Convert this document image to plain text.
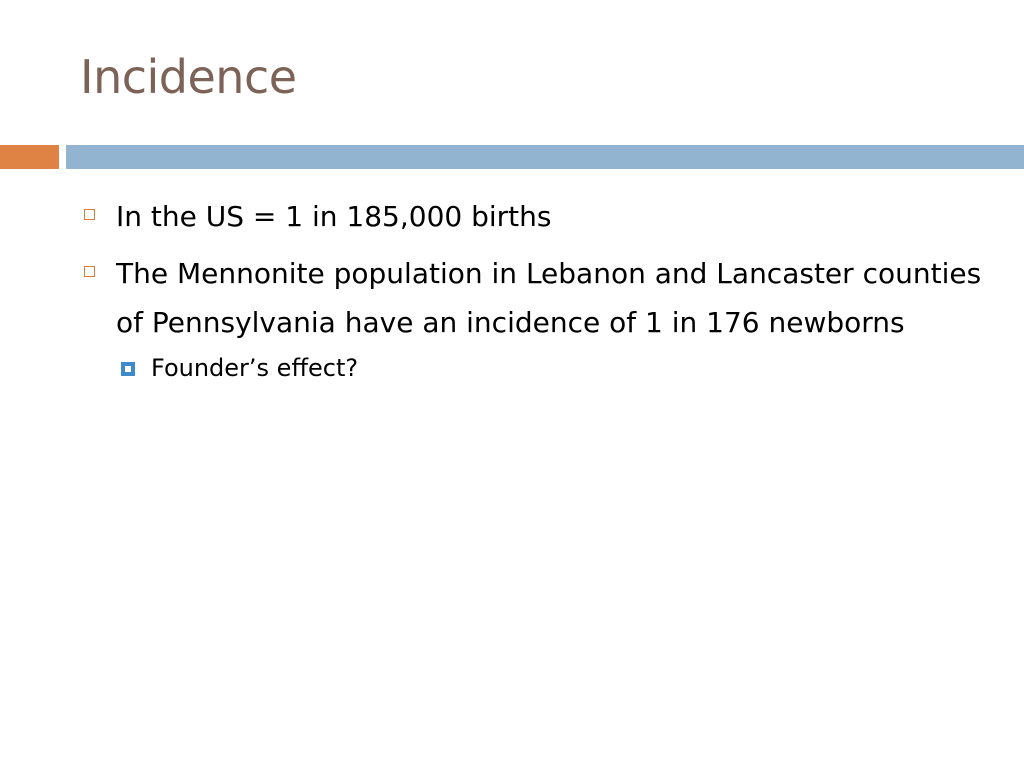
Incidence
In the US = 1 in 185,000 births
The Mennonite population in Lebanon and Lancaster counties of Pennsylvania have an incidence of 1 in 176 newborns
Founder’s effect?
